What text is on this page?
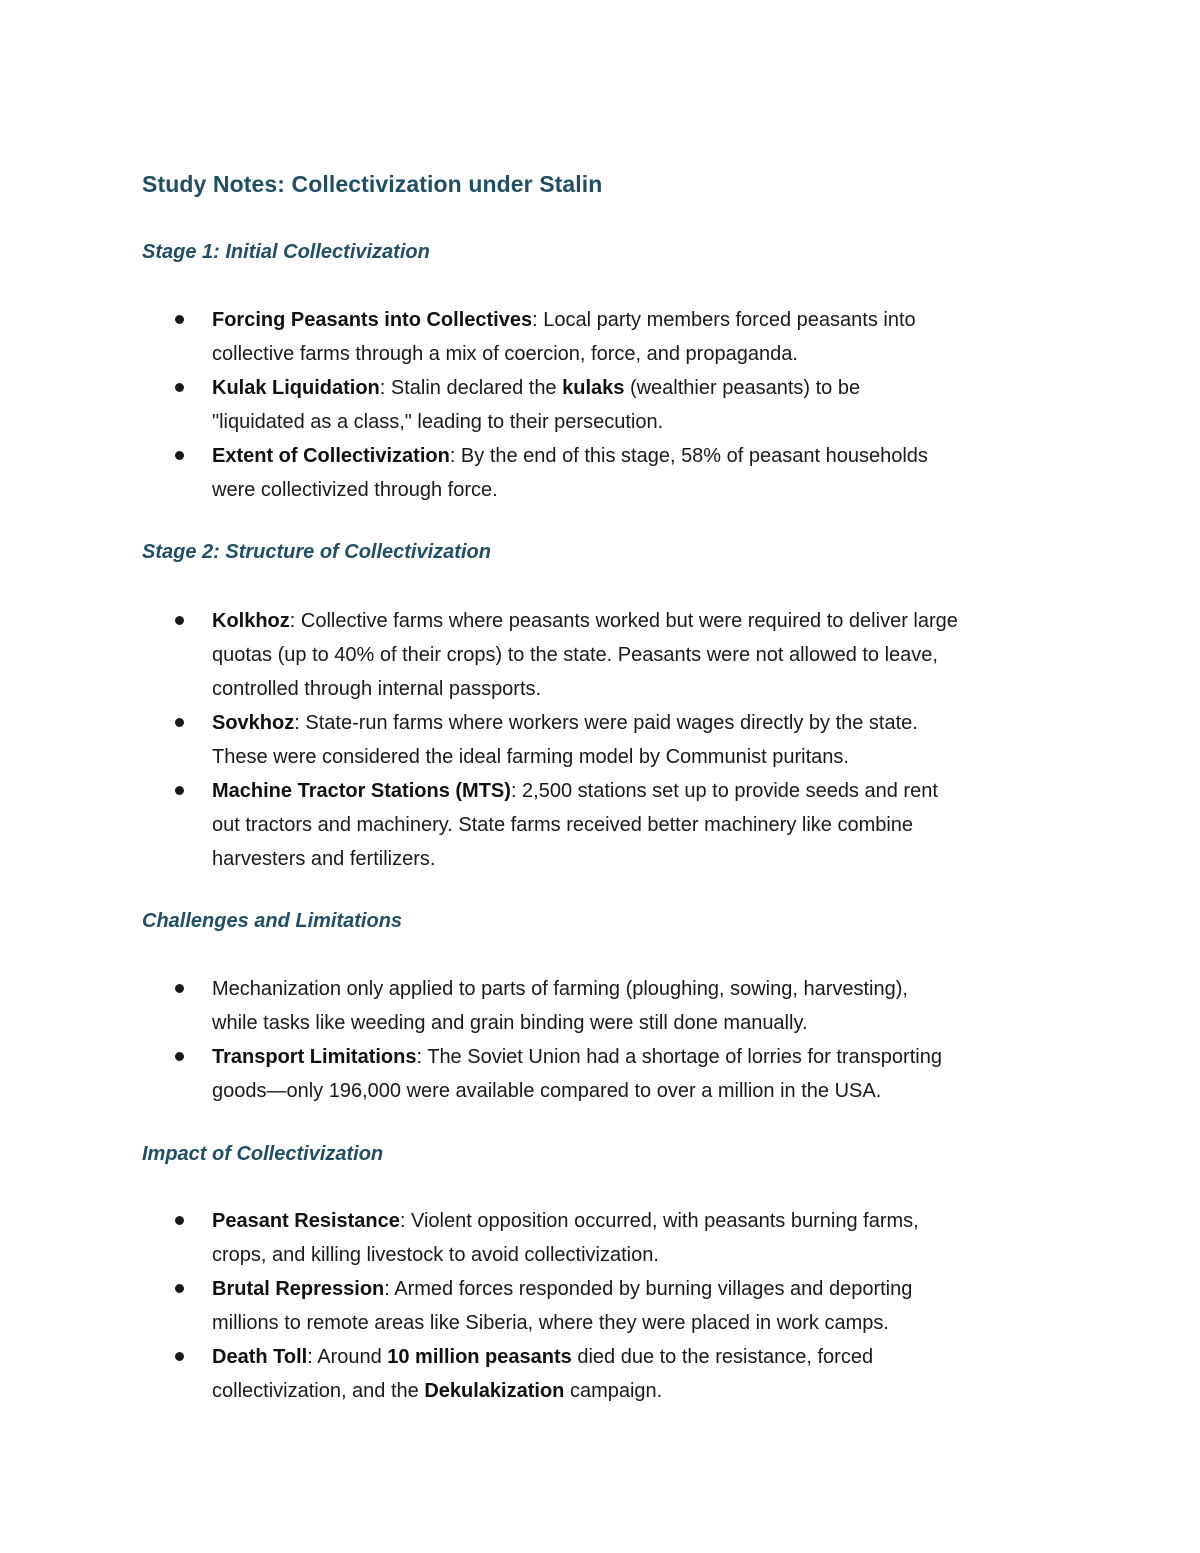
Study Notes: Collectivization under Stalin
Stage 1: Initial Collectivization
Forcing Peasants into Collectives: Local party members forced peasants into
collective farms through a mix of coercion, force, and propaganda.
Kulak Liquidation: Stalin declared the kulaks (wealthier peasants) to be
"liquidated as a class," leading to their persecution.
Extent of Collectivization: By the end of this stage, 58% of peasant households
were collectivized through force.
Stage 2: Structure of Collectivization
Kolkhoz: Collective farms where peasants worked but were required to deliver large
quotas (up to 40% of their crops) to the state. Peasants were not allowed to leave,
controlled through internal passports.
Sovkhoz: State-run farms where workers were paid wages directly by the state.
These were considered the ideal farming model by Communist puritans.
Machine Tractor Stations (MTS): 2,500 stations set up to provide seeds and rent
out tractors and machinery. State farms received better machinery like combine
harvesters and fertilizers.
Challenges and Limitations
Mechanization only applied to parts of farming (ploughing, sowing, harvesting),
while tasks like weeding and grain binding were still done manually.
Transport Limitations: The Soviet Union had a shortage of lorries for transporting
goods—only 196,000 were available compared to over a million in the USA.
Impact of Collectivization
Peasant Resistance: Violent opposition occurred, with peasants burning farms,
crops, and killing livestock to avoid collectivization.
Brutal Repression: Armed forces responded by burning villages and deporting
millions to remote areas like Siberia, where they were placed in work camps.
Death Toll: Around 10 million peasants died due to the resistance, forced
collectivization, and the Dekulakization campaign.
